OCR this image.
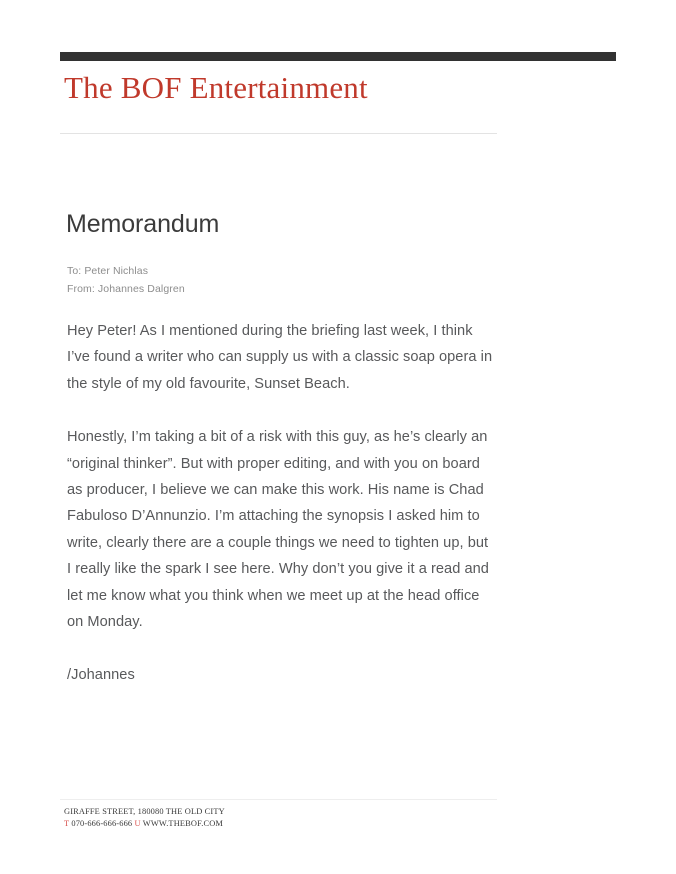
The BOF Entertainment
Memorandum
To: Peter Nichlas
From: Johannes Dalgren

Hey Peter! As I mentioned during the briefing last week, I think I’ve found a writer who can supply us with a classic soap opera in the style of my old favourite, Sunset Beach.

Honestly, I’m taking a bit of a risk with this guy, as he’s clearly an “original thinker”. But with proper editing, and with you on board as producer, I believe we can make this work. His name is Chad Fabuloso D’Annunzio. I’m attaching the synopsis I asked him to write, clearly there are a couple things we need to tighten up, but I really like the spark I see here. Why don’t you give it a read and let me know what you think when we meet up at the head office on Monday.

/Johannes

GIRAFFE STREET, 180080 THE OLD CITY
T 070-666-666-666 U WWW.THEBOF.COM
